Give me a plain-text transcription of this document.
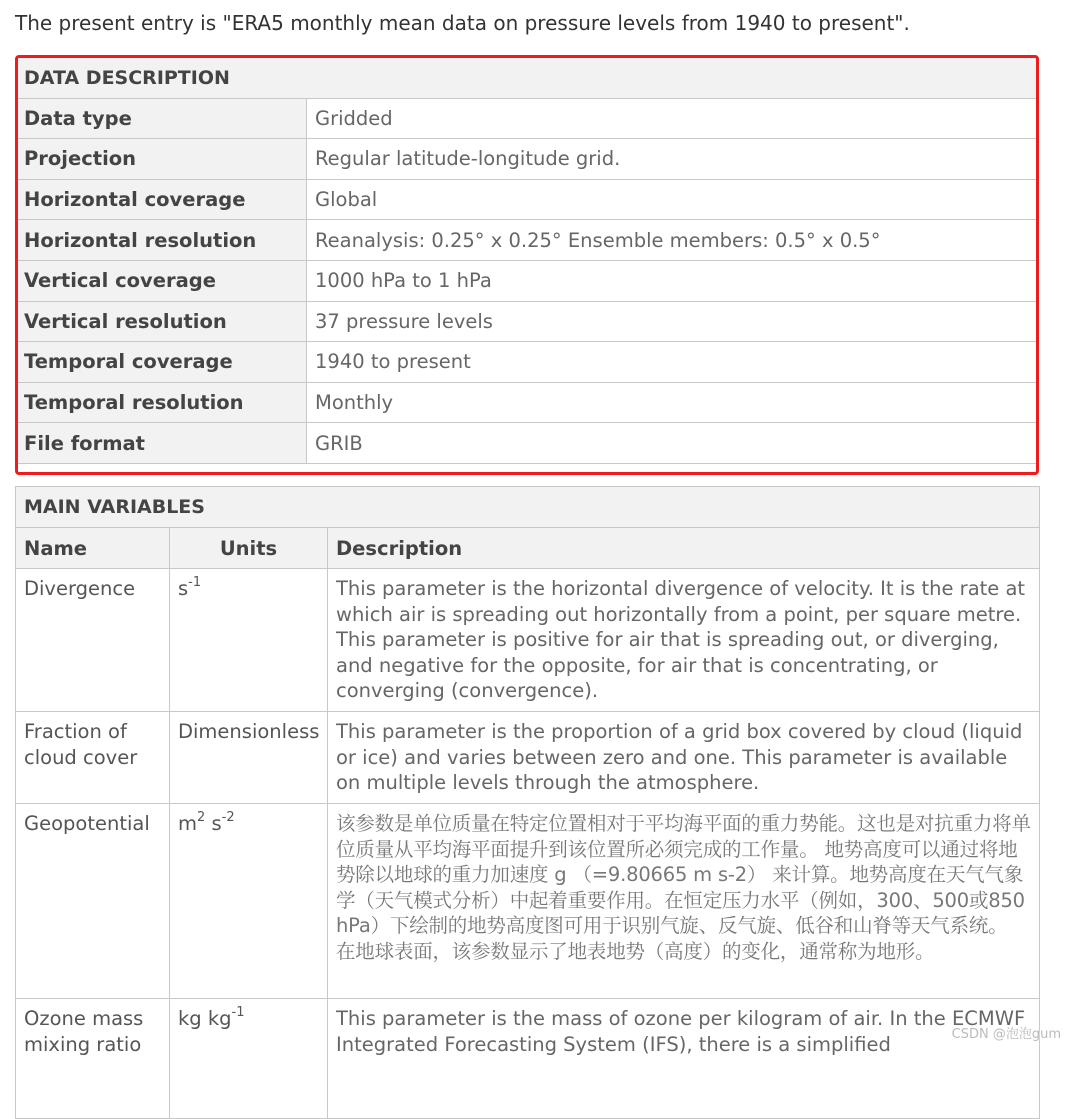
The present entry is "ERA5 monthly mean data on pressure levels from 1940 to present".

DATA DESCRIPTION	
Data type	Gridded
Projection	Regular latitude-longitude grid.
Horizontal coverage	Global
Horizontal resolution	Reanalysis: 0.25° x 0.25° Ensemble members: 0.5° x 0.5°
Vertical coverage	1000 hPa to 1 hPa
Vertical resolution	37 pressure levels
Temporal coverage	1940 to present
Temporal resolution	Monthly
File format	GRIB
MAIN VARIABLES		
Name	Units	Description
Divergence	$s^{-1}$	This parameter is the horizontal divergence of velocity. It is the rate at which air is spreading out horizontally from a point, per square metre. This parameter is positive for air that is spreading out, or diverging, and negative for the opposite, for air that is concentrating, or converging (convergence).
Fraction of cloud cover	Dimensionless	This parameter is the proportion of a grid box covered by cloud (liquid or ice) and varies between zero and one. This parameter is available on multiple levels through the atmosphere.
Geopotential	$m^2$ $s^{-2}$	该参数是单位质量在特定位置相对于平均海平面的重力势能。这也是对抗重力将单位质量从平均海平面提升到该位置所必须完成的工作量。 地势高度可以通过将地势除以地球的重力加速度 g （=9.80665 m s-2） 来计算。地势高度在天气气象学（天气模式分析）中起着重要作用。在恒定压力水平（例如，300、500或850 hPa）下绘制的地势高度图可用于识别气旋、反气旋、低谷和山脊等天气系统。 在地球表面，该参数显示了地表地势（高度）的变化，通常称为地形。
Ozone mass mixing ratio	kg $kg^{-1}$	This parameter is the mass of ozone per kilogram of air. In the ECMWF Integrated Forecasting System (IFS), there is a simplified	CSDN @泡泡gum
